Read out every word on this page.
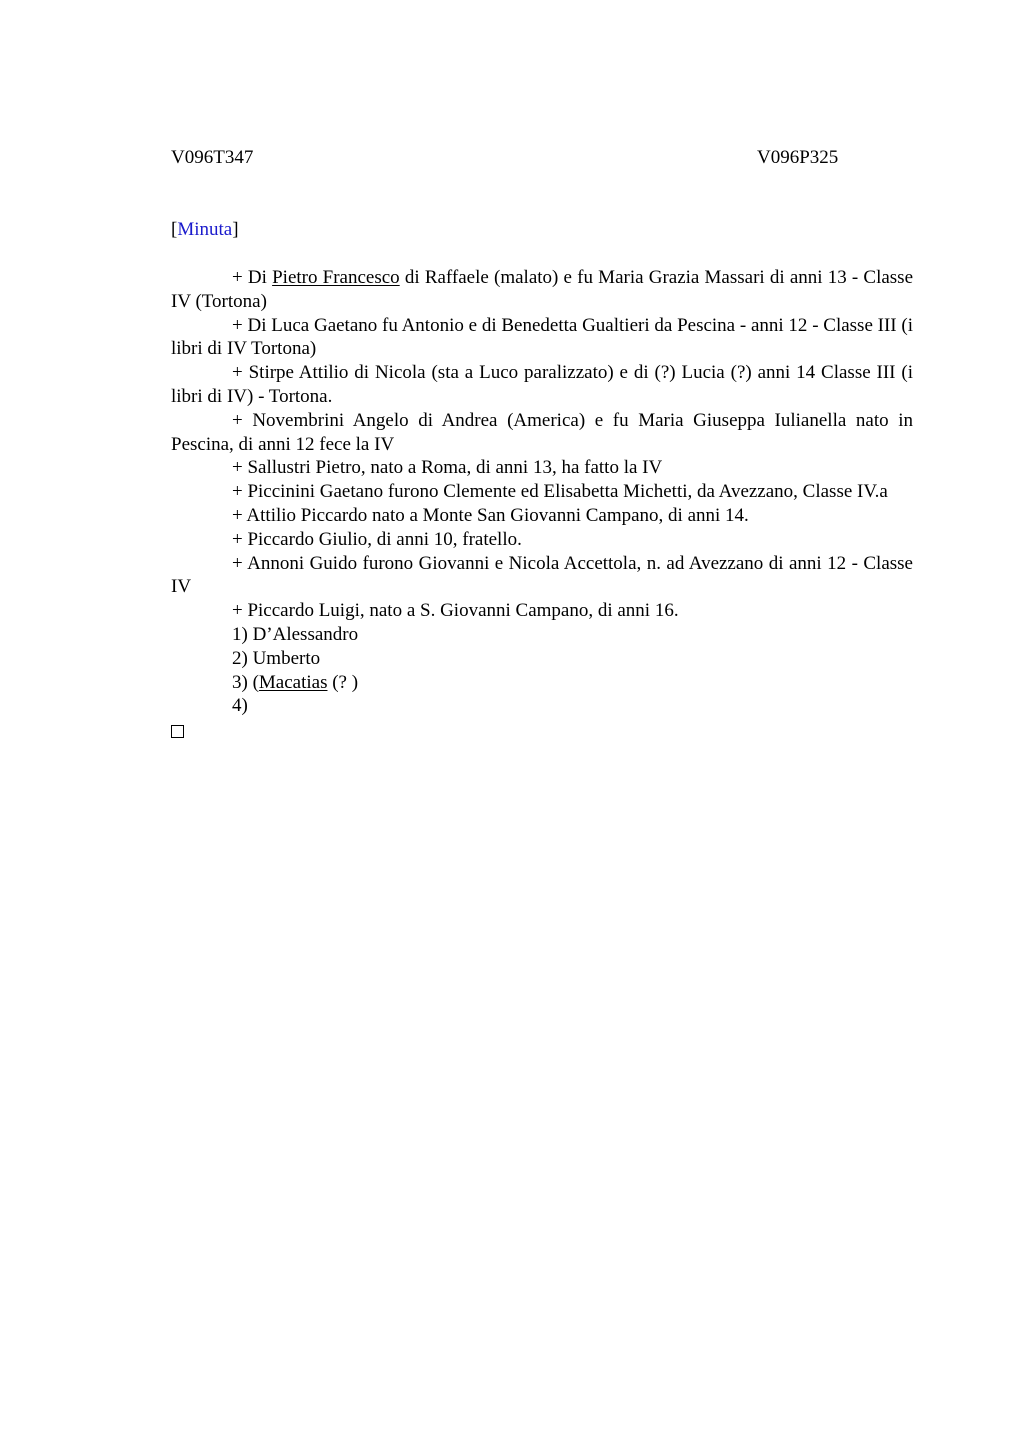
V096T347	V096P325
[Minuta]

+ Di Pietro Francesco di Raffaele (malato) e fu Maria Grazia Massari di anni 13 - Classe IV (Tortona)

+ Di Luca Gaetano fu Antonio e di Benedetta Gualtieri da Pescina - anni 12 - Classe III (i libri di IV Tortona)

+ Stirpe Attilio di Nicola (sta a Luco paralizzato) e di (?) Lucia (?) anni 14 Classe III (i libri di IV) - Tortona.

+ Novembrini Angelo di Andrea (America) e fu Maria Giuseppa Iulianella nato in Pescina, di anni 12 fece la IV

+ Sallustri Pietro, nato a Roma, di anni 13, ha fatto la IV

+ Piccinini Gaetano furono Clemente ed Elisabetta Michetti, da Avezzano, Classe IV.a

+ Attilio Piccardo nato a Monte San Giovanni Campano, di anni 14.

+ Piccardo Giulio, di anni 10, fratello.

+ Annoni Guido furono Giovanni e Nicola Accettola, n. ad Avezzano di anni 12 - Classe IV

+ Piccardo Luigi, nato a S. Giovanni Campano, di anni 16.

1) D’Alessandro

2) Umberto

3) (Macatias (? )

4)
